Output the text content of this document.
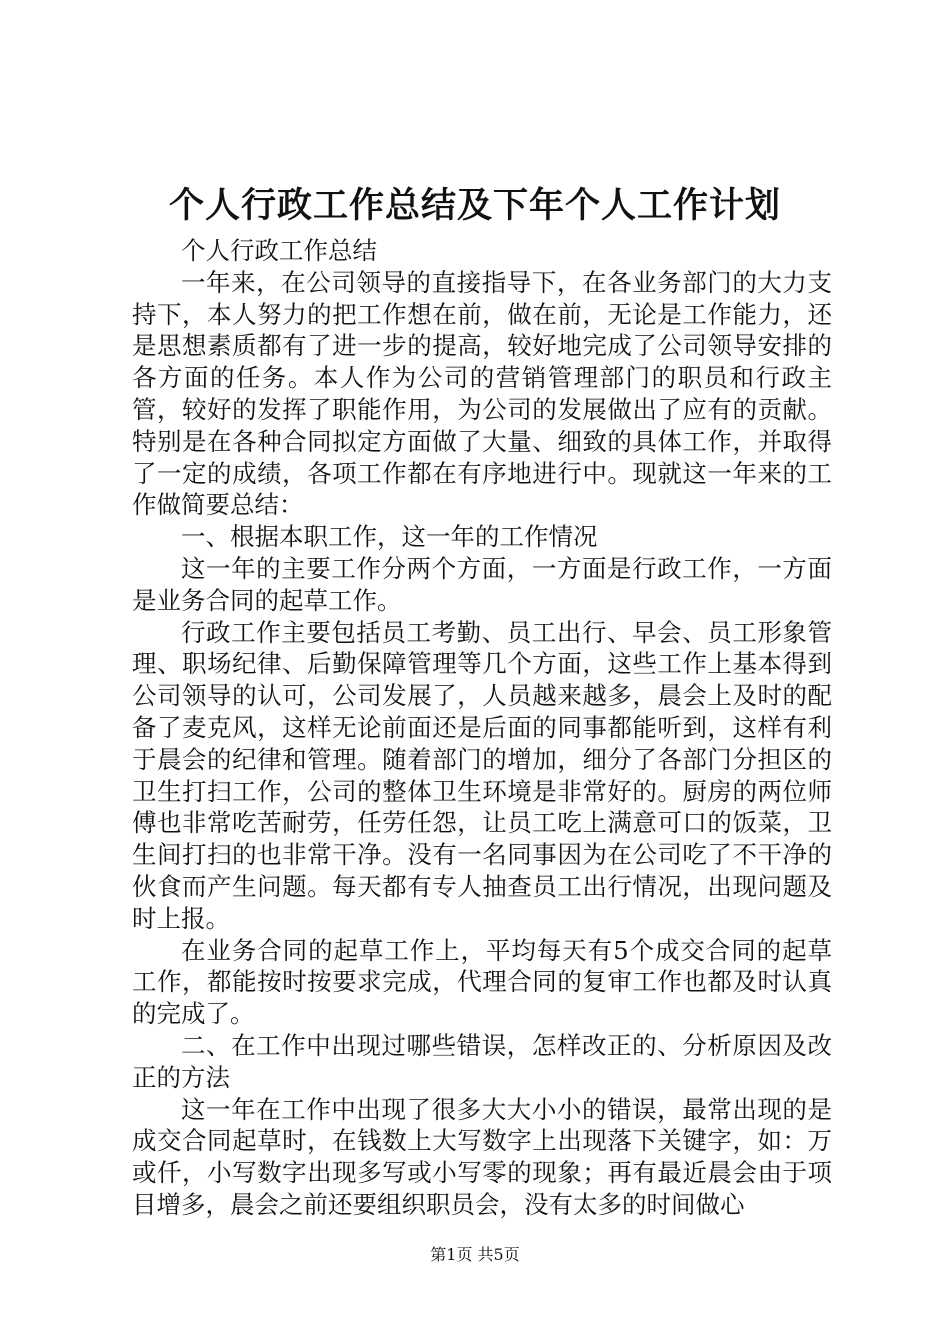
个人行政工作总结及下年个人工作计划

个人行政工作总结

一年来，在公司领导的直接指导下，在各业务部门的大力支持下，本人努力的把工作想在前，做在前，无论是工作能力，还是思想素质都有了进一步的提高，较好地完成了公司领导安排的各方面的任务。本人作为公司的营销管理部门的职员和行政主管，较好的发挥了职能作用，为公司的发展做出了应有的贡献。特别是在各种合同拟定方面做了大量、细致的具体工作，并取得了一定的成绩，各项工作都在有序地进行中。现就这一年来的工作做简要总结：

一、根据本职工作，这一年的工作情况

这一年的主要工作分两个方面，一方面是行政工作，一方面是业务合同的起草工作。

行政工作主要包括员工考勤、员工出行、早会、员工形象管理、职场纪律、后勤保障管理等几个方面，这些工作上基本得到公司领导的认可，公司发展了，人员越来越多，晨会上及时的配备了麦克风，这样无论前面还是后面的同事都能听到，这样有利于晨会的纪律和管理。随着部门的增加，细分了各部门分担区的卫生打扫工作，公司的整体卫生环境是非常好的。厨房的两位师傅也非常吃苦耐劳，任劳任怨，让员工吃上满意可口的饭菜，卫生间打扫的也非常干净。没有一名同事因为在公司吃了不干净的伙食而产生问题。每天都有专人抽查员工出行情况，出现问题及时上报。

在业务合同的起草工作上，平均每天有5个成交合同的起草工作，都能按时按要求完成，代理合同的复审工作也都及时认真的完成了。

二、在工作中出现过哪些错误，怎样改正的、分析原因及改正的方法

这一年在工作中出现了很多大大小小的错误，最常出现的是成交合同起草时，在钱数上大写数字上出现落下关键字，如：万或仟，小写数字出现多写或小写零的现象；再有最近晨会由于项目增多，晨会之前还要组织职员会，没有太多的时间做心

第1页 共5页
